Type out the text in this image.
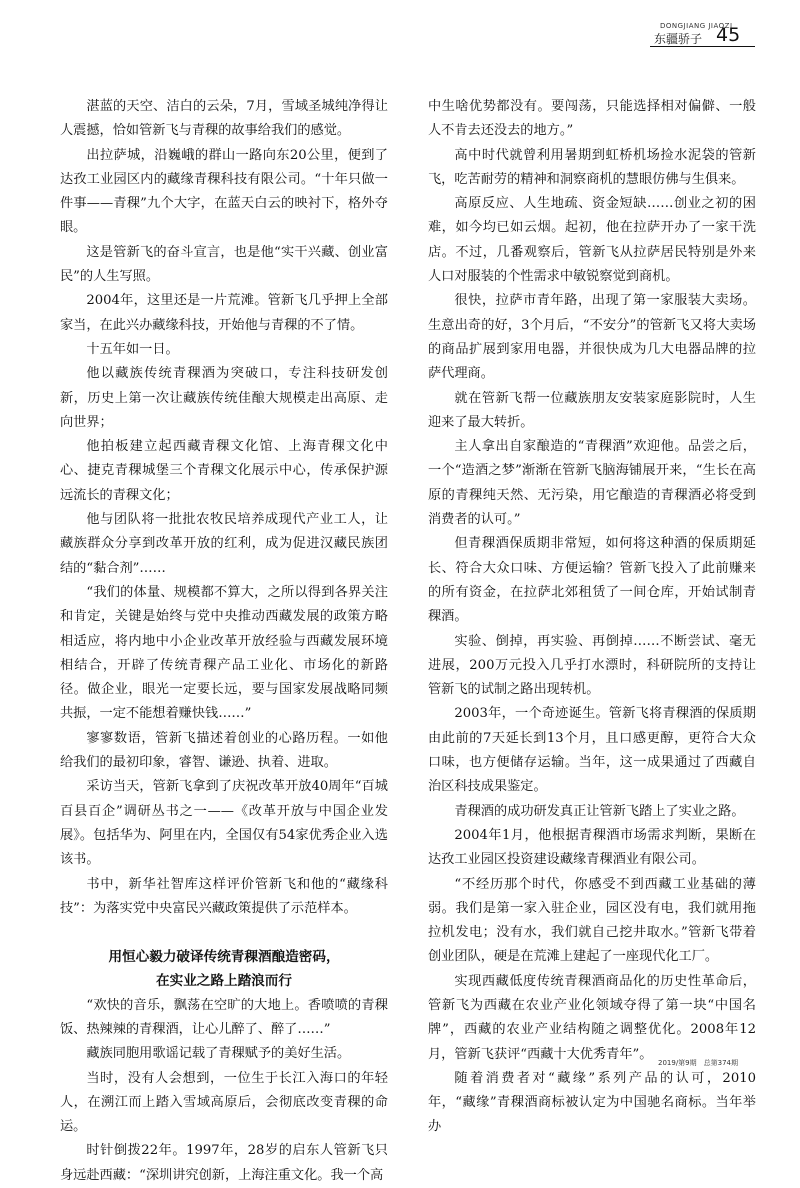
DONGJIANG JIAOZI
东疆骄子 45

湛蓝的天空、洁白的云朵，7月，雪域圣城纯净得让人震撼，恰如管新飞与青稞的故事给我们的感觉。

出拉萨城，沿巍峨的群山一路向东20公里，便到了达孜工业园区内的藏缘青稞科技有限公司。“十年只做一件事——青稞”九个大字，在蓝天白云的映衬下，格外夺眼。

这是管新飞的奋斗宣言，也是他“实干兴藏、创业富民”的人生写照。

2004年，这里还是一片荒滩。管新飞几乎押上全部家当，在此兴办藏缘科技，开始他与青稞的不了情。

十五年如一日。

他以藏族传统青稞酒为突破口，专注科技研发创新，历史上第一次让藏族传统佳酿大规模走出高原、走向世界；

他拍板建立起西藏青稞文化馆、上海青稞文化中心、捷克青稞城堡三个青稞文化展示中心，传承保护源远流长的青稞文化；

他与团队将一批批农牧民培养成现代产业工人，让藏族群众分享到改革开放的红利，成为促进汉藏民族团结的“黏合剂”……

“我们的体量、规模都不算大，之所以得到各界关注和肯定，关键是始终与党中央推动西藏发展的政策方略相适应，将内地中小企业改革开放经验与西藏发展环境相结合，开辟了传统青稞产品工业化、市场化的新路径。做企业，眼光一定要长远，要与国家发展战略同频共振，一定不能想着赚快钱……”

寥寥数语，管新飞描述着创业的心路历程。一如他给我们的最初印象，睿智、谦逊、执着、进取。

采访当天，管新飞拿到了庆祝改革开放40周年“百城百县百企”调研丛书之一——《改革开放与中国企业发展》。包括华为、阿里在内，全国仅有54家优秀企业入选该书。

书中，新华社智库这样评价管新飞和他的“藏缘科技”：为落实党中央富民兴藏政策提供了示范样本。

用恒心毅力破译传统青稞酒酿造密码，

在实业之路上踏浪而行

“欢快的音乐，飘荡在空旷的大地上。香喷喷的青稞饭、热辣辣的青稞酒，让心儿醉了、醉了……”

藏族同胞用歌谣记载了青稞赋予的美好生活。

当时，没有人会想到，一位生于长江入海口的年轻人，在溯江而上踏入雪域高原后，会彻底改变青稞的命运。

时针倒拨22年。1997年，28岁的启东人管新飞只身远赴西藏：“深圳讲究创新，上海注重文化。我一个高

中生啥优势都没有。要闯荡，只能选择相对偏僻、一般人不肯去还没去的地方。”

高中时代就曾利用暑期到虹桥机场捡水泥袋的管新飞，吃苦耐劳的精神和洞察商机的慧眼仿佛与生俱来。

高原反应、人生地疏、资金短缺……创业之初的困难，如今均已如云烟。起初，他在拉萨开办了一家干洗店。不过，几番观察后，管新飞从拉萨居民特别是外来人口对服装的个性需求中敏锐察觉到商机。

很快，拉萨市青年路，出现了第一家服装大卖场。生意出奇的好，3个月后，“不安分”的管新飞又将大卖场的商品扩展到家用电器，并很快成为几大电器品牌的拉萨代理商。

就在管新飞帮一位藏族朋友安装家庭影院时，人生迎来了最大转折。

主人拿出自家酿造的“青稞酒”欢迎他。品尝之后，一个“造酒之梦”渐渐在管新飞脑海铺展开来，“生长在高原的青稞纯天然、无污染，用它酿造的青稞酒必将受到消费者的认可。”

但青稞酒保质期非常短，如何将这种酒的保质期延长、符合大众口味、方便运输？管新飞投入了此前赚来的所有资金，在拉萨北郊租赁了一间仓库，开始试制青稞酒。

实验、倒掉，再实验、再倒掉……不断尝试、毫无进展，200万元投入几乎打水漂时，科研院所的支持让管新飞的试制之路出现转机。

2003年，一个奇迹诞生。管新飞将青稞酒的保质期由此前的7天延长到13个月，且口感更醇，更符合大众口味，也方便储存运输。当年，这一成果通过了西藏自治区科技成果鉴定。

青稞酒的成功研发真正让管新飞踏上了实业之路。

2004年1月，他根据青稞酒市场需求判断，果断在达孜工业园区投资建设藏缘青稞酒业有限公司。

“不经历那个时代，你感受不到西藏工业基础的薄弱。我们是第一家入驻企业，园区没有电，我们就用拖拉机发电；没有水，我们就自己挖井取水。”管新飞带着创业团队，硬是在荒滩上建起了一座现代化工厂。

实现西藏低度传统青稞酒商品化的历史性革命后，管新飞为西藏在农业产业化领域夺得了第一块“中国名牌”，西藏的农业产业结构随之调整优化。2008年12月，管新飞获评“西藏十大优秀青年”。

随着消费者对“藏缘”系列产品的认可，2010年，“藏缘”青稞酒商标被认定为中国驰名商标。当年举办

2019/第9期　总第374期
